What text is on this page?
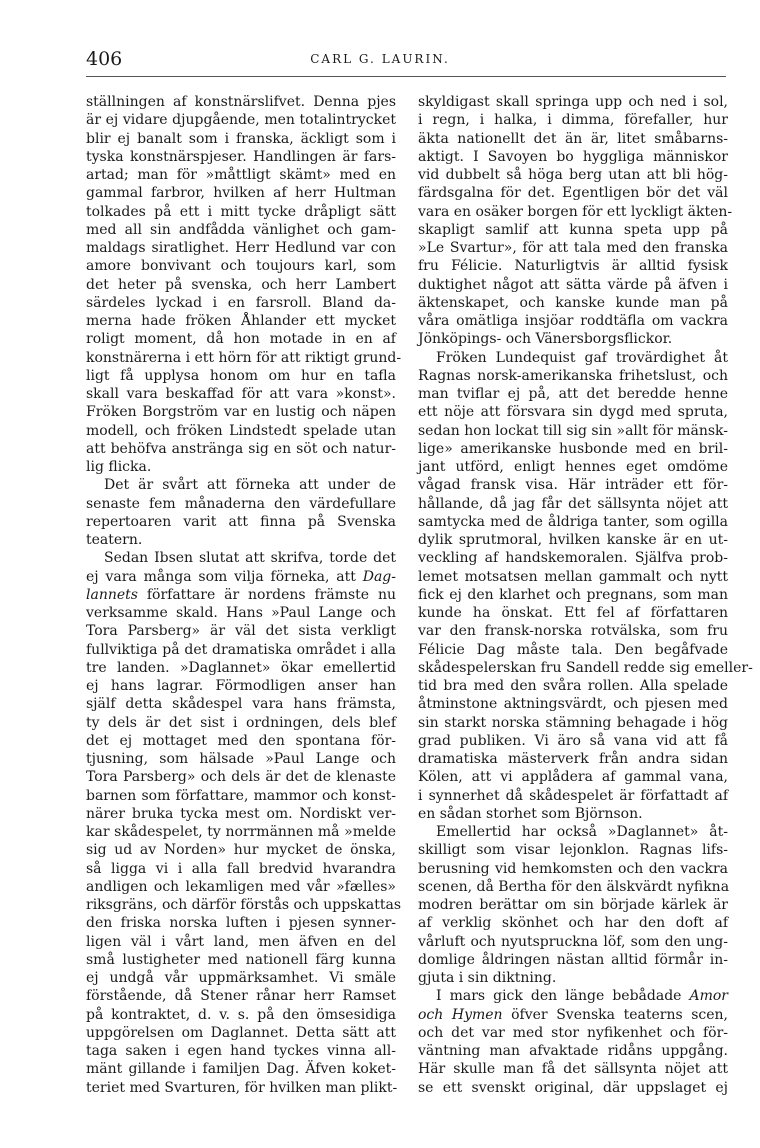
406	CARL G. LAURIN.
ställningen af konstnärslifvet. Denna pjes
är ej vidare djupgående, men totalintrycket
blir ej banalt som i franska, äckligt som i
tyska konstnärspjeser. Handlingen är fars-
artad; man för »måttligt skämt» med en
gammal farbror, hvilken af herr Hultman
tolkades på ett i mitt tycke dråpligt sätt
med all sin andfådda vänlighet och gam-
maldags siratlighet. Herr Hedlund var con
amore bonvivant och toujours karl, som
det heter på svenska, och herr Lambert
särdeles lyckad i en farsroll. Bland da-
merna hade fröken Åhlander ett mycket
roligt moment, då hon motade in en af
konstnärerna i ett hörn för att riktigt grund-
ligt få upplysa honom om hur en tafla
skall vara beskaffad för att vara »konst».
Fröken Borgström var en lustig och näpen
modell, och fröken Lindstedt spelade utan
att behöfva anstränga sig en söt och natur-
lig flicka.
Det är svårt att förneka att under de
senaste fem månaderna den värdefullare
repertoaren varit att finna på Svenska
teatern.
Sedan Ibsen slutat att skrifva, torde det
ej vara många som vilja förneka, att Dag-
lannets författare är nordens främste nu
verksamme skald. Hans »Paul Lange och
Tora Parsberg» är väl det sista verkligt
fullviktiga på det dramatiska området i alla
tre landen. »Daglannet» ökar emellertid
ej hans lagrar. Förmodligen anser han
själf detta skådespel vara hans främsta,
ty dels är det sist i ordningen, dels blef
det ej mottaget med den spontana för-
tjusning, som hälsade »Paul Lange och
Tora Parsberg» och dels är det de klenaste
barnen som författare, mammor och konst-
närer bruka tycka mest om. Nordiskt ver-
kar skådespelet, ty norrmännen må »melde
sig ud av Norden» hur mycket de önska,
så ligga vi i alla fall bredvid hvarandra
andligen och lekamligen med vår »fælles»
riksgräns, och därför förstås och uppskattas
den friska norska luften i pjesen synner-
ligen väl i vårt land, men äfven en del
små lustigheter med nationell färg kunna
ej undgå vår uppmärksamhet. Vi smäle
förstående, då Stener rånar herr Ramset
på kontraktet, d. v. s. på den ömsesidiga
uppgörelsen om Daglannet. Detta sätt att
taga saken i egen hand tyckes vinna all-
mänt gillande i familjen Dag. Äfven koket-
teriet med Svarturen, för hvilken man plikt-
skyldigast skall springa upp och ned i sol,
i regn, i halka, i dimma, förefaller, hur
äkta nationellt det än är, litet småbarns-
aktigt. I Savoyen bo hyggliga människor
vid dubbelt så höga berg utan att bli hög-
färdsgalna för det. Egentligen bör det väl
vara en osäker borgen för ett lyckligt äkten-
skapligt samlif att kunna speta upp på
»Le Svartur», för att tala med den franska
fru Félicie. Naturligtvis är alltid fysisk
duktighet något att sätta värde på äfven i
äktenskapet, och kanske kunde man på
våra omätliga insjöar roddtäfla om vackra
Jönköpings- och Vänersborgsflickor.
Fröken Lundequist gaf trovärdighet åt
Ragnas norsk-amerikanska frihetslust, och
man tviflar ej på, att det beredde henne
ett nöje att försvara sin dygd med spruta,
sedan hon lockat till sig sin »allt för mänsk-
lige» amerikanske husbonde med en bril-
jant utförd, enligt hennes eget omdöme
vågad fransk visa. Här inträder ett för-
hållande, då jag får det sällsynta nöjet att
samtycka med de åldriga tanter, som ogilla
dylik sprutmoral, hvilken kanske är en ut-
veckling af handskemoralen. Själfva prob-
lemet motsatsen mellan gammalt och nytt
fick ej den klarhet och pregnans, som man
kunde ha önskat. Ett fel af författaren
var den fransk-norska rotvälska, som fru
Félicie Dag måste tala. Den begåfvade
skådespelerskan fru Sandell redde sig emeller-
tid bra med den svåra rollen. Alla spelade
åtminstone aktningsvärdt, och pjesen med
sin starkt norska stämning behagade i hög
grad publiken. Vi äro så vana vid att få
dramatiska mästerverk från andra sidan
Kölen, att vi applådera af gammal vana,
i synnerhet då skådespelet är författadt af
en sådan storhet som Björnson.
Emellertid har också »Daglannet» åt-
skilligt som visar lejonklon. Ragnas lifs-
berusning vid hemkomsten och den vackra
scenen, då Bertha för den älskvärdt nyfikna
modren berättar om sin började kärlek är
af verklig skönhet och har den doft af
vårluft och nyutspruckna löf, som den ung-
domlige åldringen nästan alltid förmår in-
gjuta i sin diktning.
I mars gick den länge bebådade Amor
och Hymen öfver Svenska teaterns scen,
och det var med stor nyfikenhet och för-
väntning man afvaktade ridåns uppgång.
Här skulle man få det sällsynta nöjet att
se ett svenskt original, där uppslaget ej
